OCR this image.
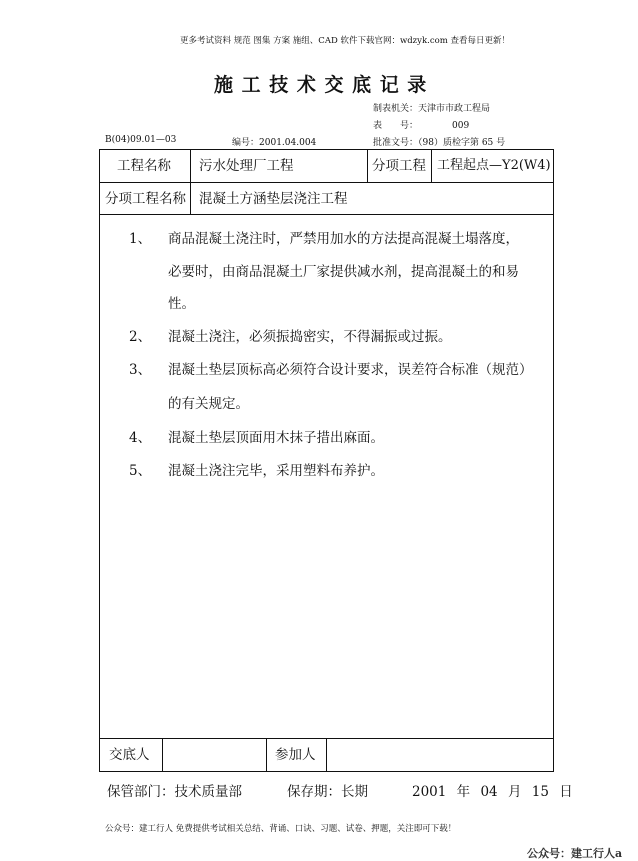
更多考试资料 规范 图集 方案 施组、CAD 软件下载官网：wdzyk.com 查看每日更新！
施 工 技 术 交 底 记 录
制表机关：天津市市政工程局
表　　号：	009
B(04)09.01—03	编号：2001.04.004	批准文号：（98）质检字第 65 号
工程名称 污水处理厂工程	分项工程 工程起点—Y2(W4)
分项工程名称 混凝土方涵垫层浇注工程
1、 商品混凝土浇注时，严禁用加水的方法提高混凝土塌落度，
必要时，由商品混凝土厂家提供减水剂，提高混凝土的和易
性。
2、 混凝土浇注，必须振捣密实，不得漏振或过振。
3、 混凝土垫层顶标高必须符合设计要求，误差符合标准（规范）
的有关规定。
4、 混凝土垫层顶面用木抹子措出麻面。
5、 混凝土浇注完毕，采用塑料布养护。
交底人	参加人
保管部门：技术质量部	保存期：长期	2001 年 04 月 15 日
公众号：建工行人 免费提供考试相关总结、背诵、口诀、习题、试卷、押题，关注即可下载！
公众号：建工行人a
